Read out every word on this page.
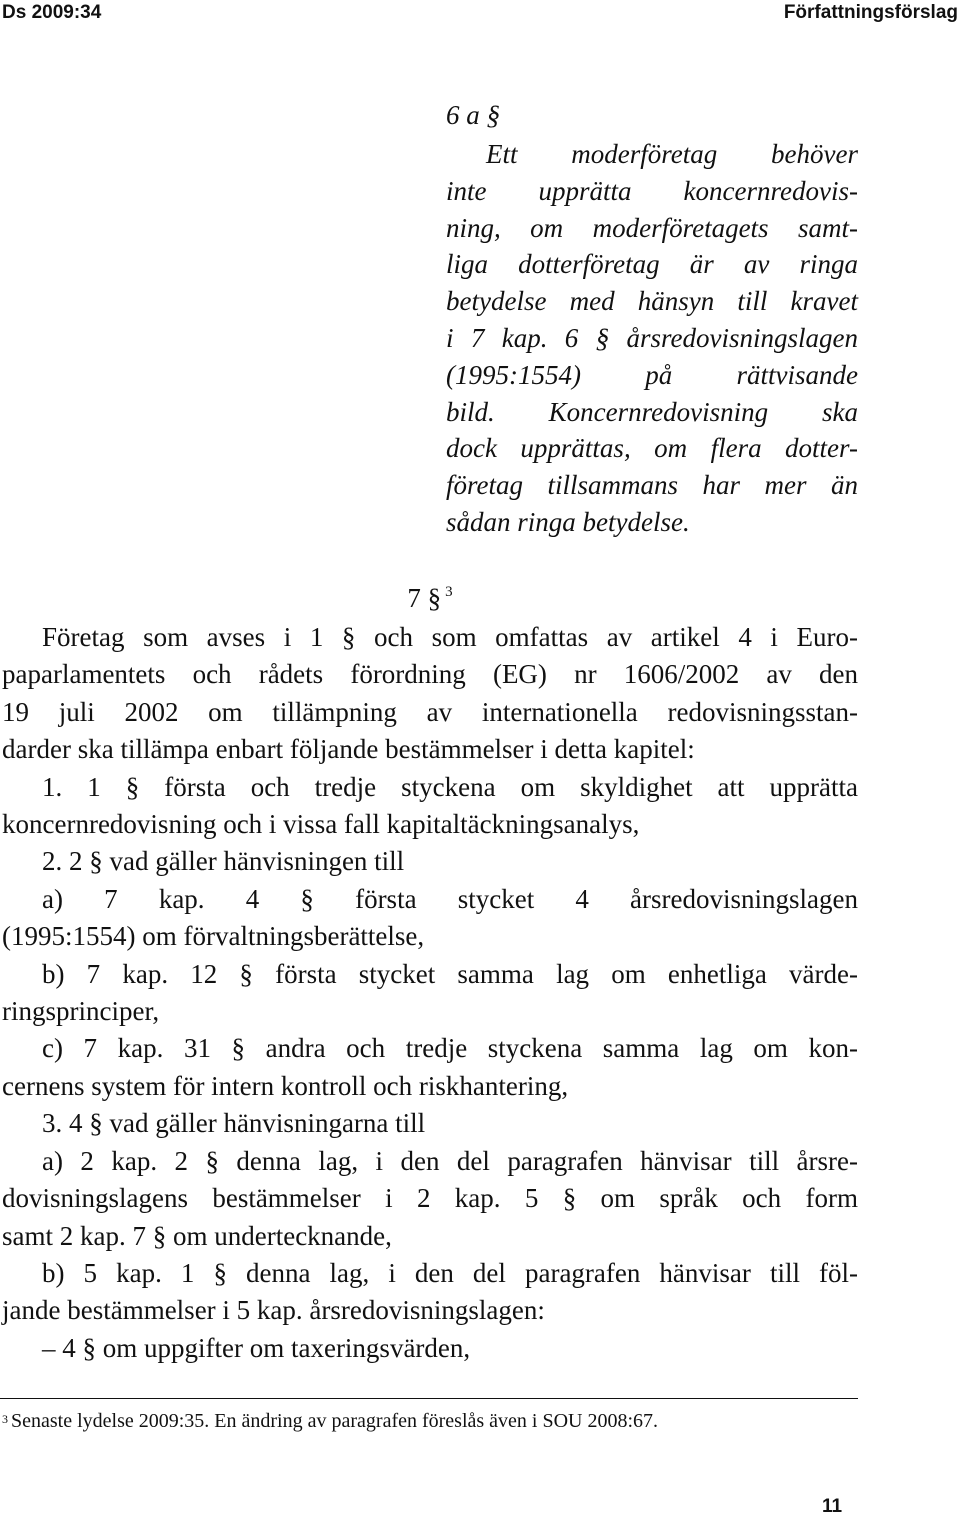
Ds 2009:34	Författningsförslag
6 a §
Ett moderföretag behöver
inte upprätta koncernredovis-
ning, om moderföretagets samt-
liga dotterföretag är av ringa
betydelse med hänsyn till kravet
i 7 kap. 6 § årsredovisningslagen
(1995:1554) på rättvisande
bild. Koncernredovisning ska
dock upprättas, om flera dotter-
företag tillsammans har mer än
sådan ringa betydelse.
7 § $^3$
Företag som avses i 1 § och som omfattas av artikel 4 i Euro-
paparlamentets och rådets förordning (EG) nr 1606/2002 av den
19 juli 2002 om tillämpning av internationella redovisningsstan-
darder ska tillämpa enbart följande bestämmelser i detta kapitel:
1. 1 § första och tredje styckena om skyldighet att upprätta
koncernredovisning och i vissa fall kapitaltäckningsanalys,
2. 2 § vad gäller hänvisningen till
a) 7 kap. 4 § första stycket 4 årsredovisningslagen
(1995:1554) om förvaltningsberättelse,
b) 7 kap. 12 § första stycket samma lag om enhetliga värde-
ringsprinciper,
c) 7 kap. 31 § andra och tredje styckena samma lag om kon-
cernens system för intern kontroll och riskhantering,
3. 4 § vad gäller hänvisningarna till
a) 2 kap. 2 § denna lag, i den del paragrafen hänvisar till årsre-
dovisningslagens bestämmelser i 2 kap. 5 § om språk och form
samt 2 kap. 7 § om undertecknande,
b) 5 kap. 1 § denna lag, i den del paragrafen hänvisar till föl-
jande bestämmelser i 5 kap. årsredovisningslagen:
– 4 § om uppgifter om taxeringsvärden,
$^3$ Senaste lydelse 2009:35. En ändring av paragrafen föreslås även i SOU 2008:67.
11
